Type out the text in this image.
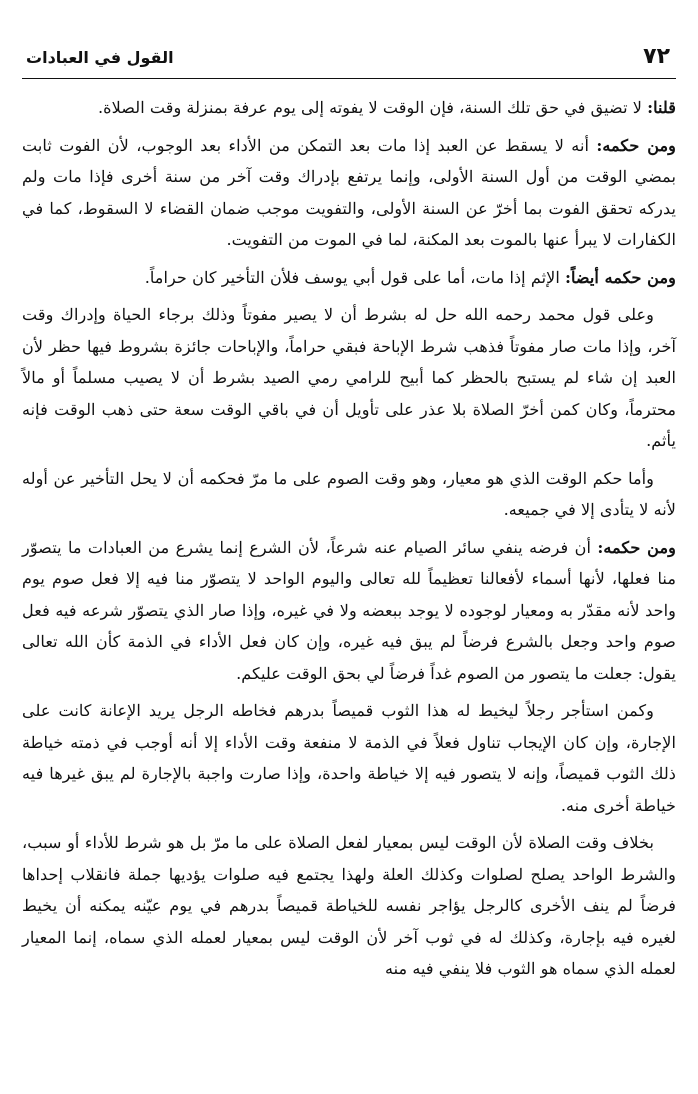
٧٢
القول في العبادات

قلنا: لا تضيق في حق تلك السنة، فإن الوقت لا يفوته إلى يوم عرفة بمنزلة وقت الصلاة.

ومن حكمه: أنه لا يسقط عن العبد إذا مات بعد التمكن من الأداء بعد الوجوب، لأن الفوت ثابت بمضي الوقت من أول السنة الأولى، وإنما يرتفع بإدراك وقت آخر من سنة أخرى فإذا مات ولم يدركه تحقق الفوت بما أخرّ عن السنة الأولى، والتفويت موجب ضمان القضاء لا السقوط، كما في الكفارات لا يبرأ عنها بالموت بعد المكنة، لما في الموت من التفويت.

ومن حكمه أيضاً: الإثم إذا مات، أما على قول أبي يوسف فلأن التأخير كان حراماً.

وعلى قول محمد رحمه الله حل له بشرط أن لا يصير مفوتاً وذلك برجاء الحياة وإدراك وقت آخر، وإذا مات صار مفوتاً فذهب شرط الإباحة فبقي حراماً، والإباحات جائزة بشروط فيها حظر لأن العبد إن شاء لم يستبح بالحظر كما أبيح للرامي رمي الصيد بشرط أن لا يصيب مسلماً أو مالاً محترماً، وكان كمن أخرّ الصلاة بلا عذر على تأويل أن في باقي الوقت سعة حتى ذهب الوقت فإنه يأثم.

وأما حكم الوقت الذي هو معيار، وهو وقت الصوم على ما مرّ فحكمه أن لا يحل التأخير عن أوله لأنه لا يتأدى إلا في جميعه.

ومن حكمه: أن فرضه ينفي سائر الصيام عنه شرعاً، لأن الشرع إنما يشرع من العبادات ما يتصوّر منا فعلها، لأنها أسماء لأفعالنا تعظيماً لله تعالى واليوم الواحد لا يتصوّر منا فيه إلا فعل صوم يوم واحد لأنه مقدّر به ومعيار لوجوده لا يوجد ببعضه ولا في غيره، وإذا صار الذي يتصوّر شرعه فيه فعل صوم واحد وجعل بالشرع فرضاً لم يبق فيه غيره، وإن كان فعل الأداء في الذمة كأن الله تعالى يقول: جعلت ما يتصور من الصوم غداً فرضاً لي بحق الوقت عليكم.

وكمن استأجر رجلاً ليخيط له هذا الثوب قميصاً بدرهم فخاطه الرجل يريد الإعانة كانت على الإجارة، وإن كان الإيجاب تناول فعلاً في الذمة لا منفعة وقت الأداء إلا أنه أوجب في ذمته خياطة ذلك الثوب قميصاً، وإنه لا يتصور فيه إلا خياطة واحدة، وإذا صارت واجبة بالإجارة لم يبق غيرها فيه خياطة أخرى منه.

بخلاف وقت الصلاة لأن الوقت ليس بمعيار لفعل الصلاة على ما مرّ بل هو شرط للأداء أو سبب، والشرط الواحد يصلح لصلوات وكذلك العلة ولهذا يجتمع فيه صلوات يؤديها جملة فانقلاب إحداها فرضاً لم ينف الأخرى كالرجل يؤاجر نفسه للخياطة قميصاً بدرهم في يوم عيّنه يمكنه أن يخيط لغيره فيه بإجارة، وكذلك له في ثوب آخر لأن الوقت ليس بمعيار لعمله الذي سماه، إنما المعيار لعمله الذي سماه هو الثوب فلا ينفي فيه منه
